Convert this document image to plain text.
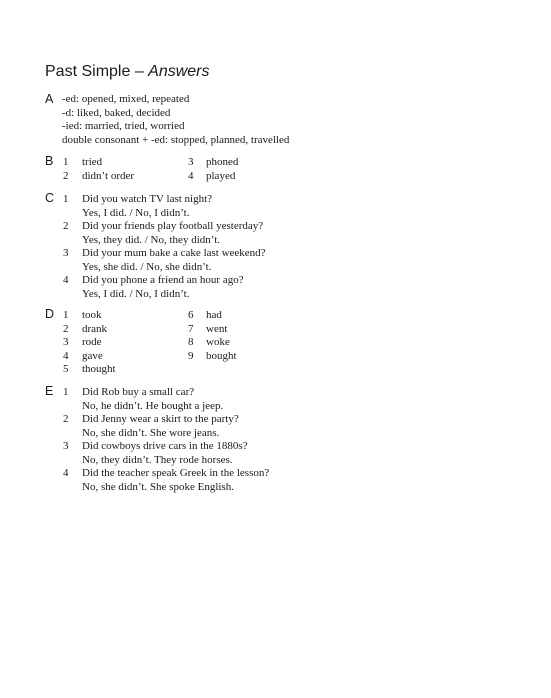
Past Simple – Answers
A -ed: opened, mixed, repeated
-d: liked, baked, decided
-ied: married, tried, worried
double consonant + -ed: stopped, planned, travelled
B 1	tried	3	phoned
2	didn’t order	4	played
C 1	Did you watch TV last night?
Yes, I did. / No, I didn’t.
2	Did your friends play football yesterday?
Yes, they did. / No, they didn’t.
3	Did your mum bake a cake last weekend?
Yes, she did. / No, she didn’t.
4	Did you phone a friend an hour ago?
Yes, I did. / No, I didn’t.
D 1	took	6	had
2	drank	7	went
3	rode	8	woke
4	gave	9	bought
5	thought
E 1	Did Rob buy a small car?
No, he didn’t. He bought a jeep.
2	Did Jenny wear a skirt to the party?
No, she didn’t. She wore jeans.
3	Did cowboys drive cars in the 1880s?
No, they didn’t. They rode horses.
4	Did the teacher speak Greek in the lesson?
No, she didn’t. She spoke English.
